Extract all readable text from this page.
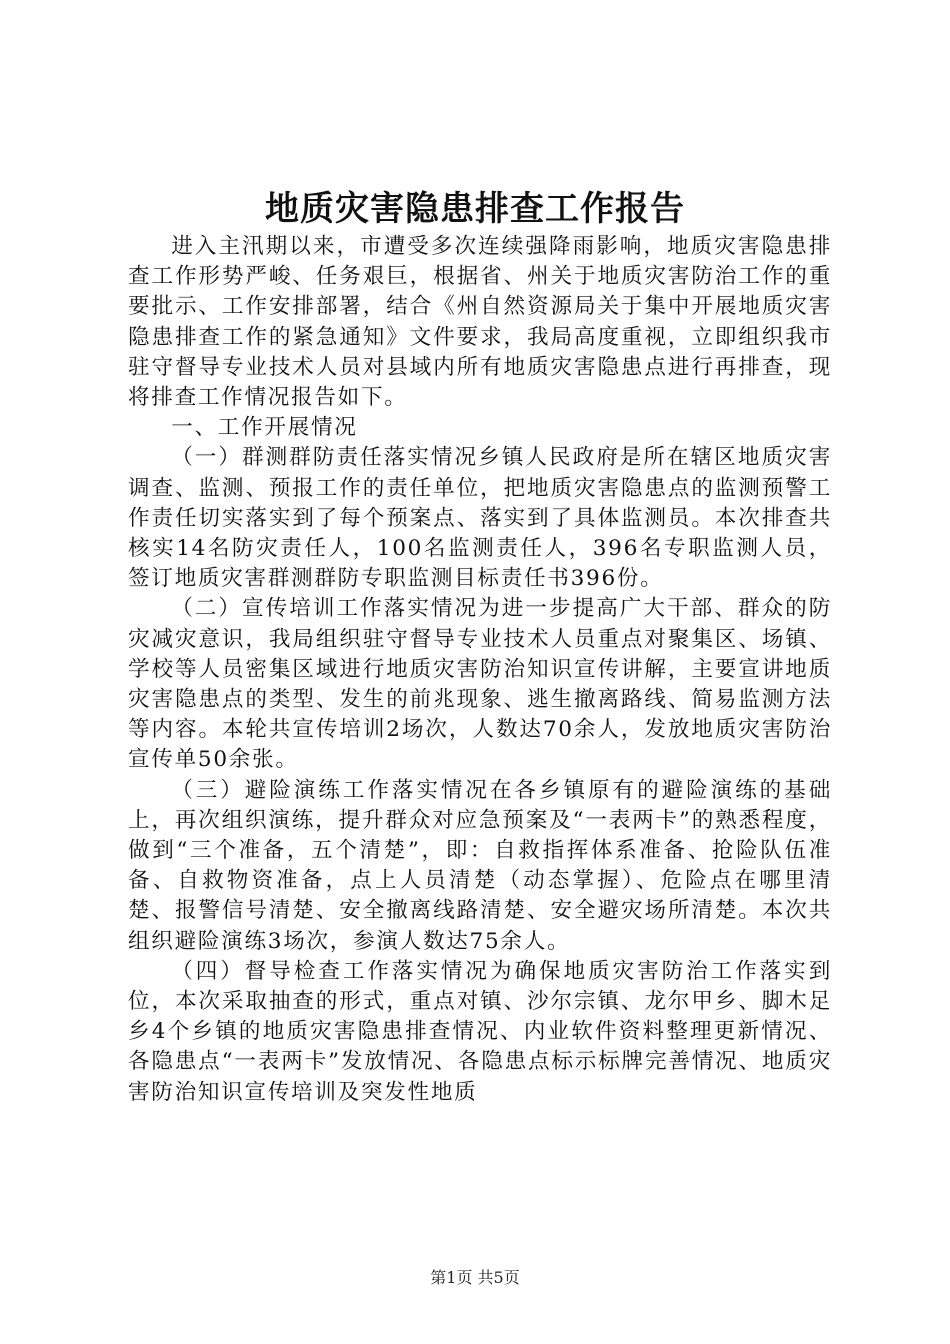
地质灾害隐患排查工作报告

进入主汛期以来，市遭受多次连续强降雨影响，地质灾害隐患排查工作形势严峻、任务艰巨，根据省、州关于地质灾害防治工作的重要批示、工作安排部署，结合《州自然资源局关于集中开展地质灾害隐患排查工作的紧急通知》文件要求，我局高度重视，立即组织我市驻守督导专业技术人员对县域内所有地质灾害隐患点进行再排查，现将排查工作情况报告如下。

一、工作开展情况

（一）群测群防责任落实情况乡镇人民政府是所在辖区地质灾害调查、监测、预报工作的责任单位，把地质灾害隐患点的监测预警工作责任切实落实到了每个预案点、落实到了具体监测员。本次排查共核实14名防灾责任人，100名监测责任人，396名专职监测人员，签订地质灾害群测群防专职监测目标责任书396份。

（二）宣传培训工作落实情况为进一步提高广大干部、群众的防灾减灾意识，我局组织驻守督导专业技术人员重点对聚集区、场镇、学校等人员密集区域进行地质灾害防治知识宣传讲解，主要宣讲地质灾害隐患点的类型、发生的前兆现象、逃生撤离路线、简易监测方法等内容。本轮共宣传培训2场次，人数达70余人，发放地质灾害防治宣传单50余张。

（三）避险演练工作落实情况在各乡镇原有的避险演练的基础上，再次组织演练，提升群众对应急预案及“一表两卡”的熟悉程度，做到“三个准备，五个清楚”，即：自救指挥体系准备、抢险队伍准备、自救物资准备，点上人员清楚（动态掌握）、危险点在哪里清楚、报警信号清楚、安全撤离线路清楚、安全避灾场所清楚。本次共组织避险演练3场次，参演人数达75余人。

（四）督导检查工作落实情况为确保地质灾害防治工作落实到位，本次采取抽查的形式，重点对镇、沙尔宗镇、龙尔甲乡、脚木足乡4个乡镇的地质灾害隐患排查情况、内业软件资料整理更新情况、各隐患点“一表两卡”发放情况、各隐患点标示标牌完善情况、地质灾害防治知识宣传培训及突发性地质

第1页 共5页
